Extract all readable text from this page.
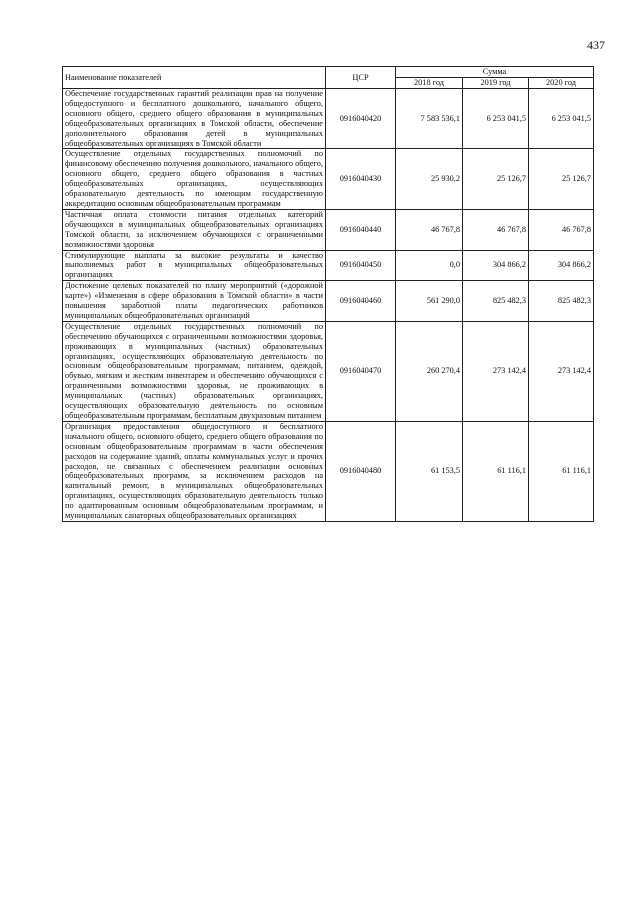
437
Наименование показателей	ЦСР	Сумма		
		2018 год	2019 год	2020 год
Обеспечение государственных гарантий реализации прав на получение общедоступного и бесплатного дошкольного, начального общего, основного общего, среднего общего образования в муниципальных общеобразовательных организациях в Томской области, обеспечение дополнительного образования детей в муниципальных общеобразовательных организациях в Томской области	0916040420	7 583 536,1	6 253 041,5	6 253 041,5
Осуществление отдельных государственных полномочий по финансовому обеспечению получения дошкольного, начального общего, основного общего, среднего общего образования в частных общеобразовательных организациях, осуществляющих образовательную деятельность по имеющим государственную аккредитацию основным общеобразовательным программам	0916040430	25 930,2	25 126,7	25 126,7
Частичная оплата стоимости питания отдельных категорий обучающихся в муниципальных общеобразовательных организациях Томской области, за исключением обучающихся с ограниченными возможностями здоровья	0916040440	46 767,8	46 767,8	46 767,8
Стимулирующие выплаты за высокие результаты и качество выполняемых работ в муниципальных общеобразовательных организациях	0916040450	0,0	304 866,2	304 866,2
Достижение целевых показателей по плану мероприятий («дорожной карте») «Изменения в сфере образования в Томской области» в части повышения заработной платы педагогических работников муниципальных общеобразовательных организаций	0916040460	561 290,0	825 482,3	825 482,3
Осуществление отдельных государственных полномочий по обеспечению обучающихся с ограниченными возможностями здоровья, проживающих в муниципальных (частных) образовательных организациях, осуществляющих образовательную деятельность по основным общеобразовательным программам, питанием, одеждой, обувью, мягким и жестким инвентарем и обеспечению обучающихся с ограниченными возможностями здоровья, не проживающих в муниципальных (частных) образовательных организациях, осуществляющих образовательную деятельность по основным общеобразовательным программам, бесплатным двухразовым питанием	0916040470	260 270,4	273 142,4	273 142,4
Организация предоставления общедоступного и бесплатного начального общего, основного общего, среднего общего образования по основным общеобразовательным программам в части обеспечения расходов на содержание зданий, оплаты коммунальных услуг и прочих расходов, не связанных с обеспечением реализации основных общеобразовательных программ, за исключением расходов на капитальный ремонт, в муниципальных общеобразовательных организациях, осуществляющих образовательную деятельность только по адаптированным основным общеобразовательным программам, и муниципальных санаторных общеобразовательных организациях	0916040480	61 153,5	61 116,1	61 116,1
